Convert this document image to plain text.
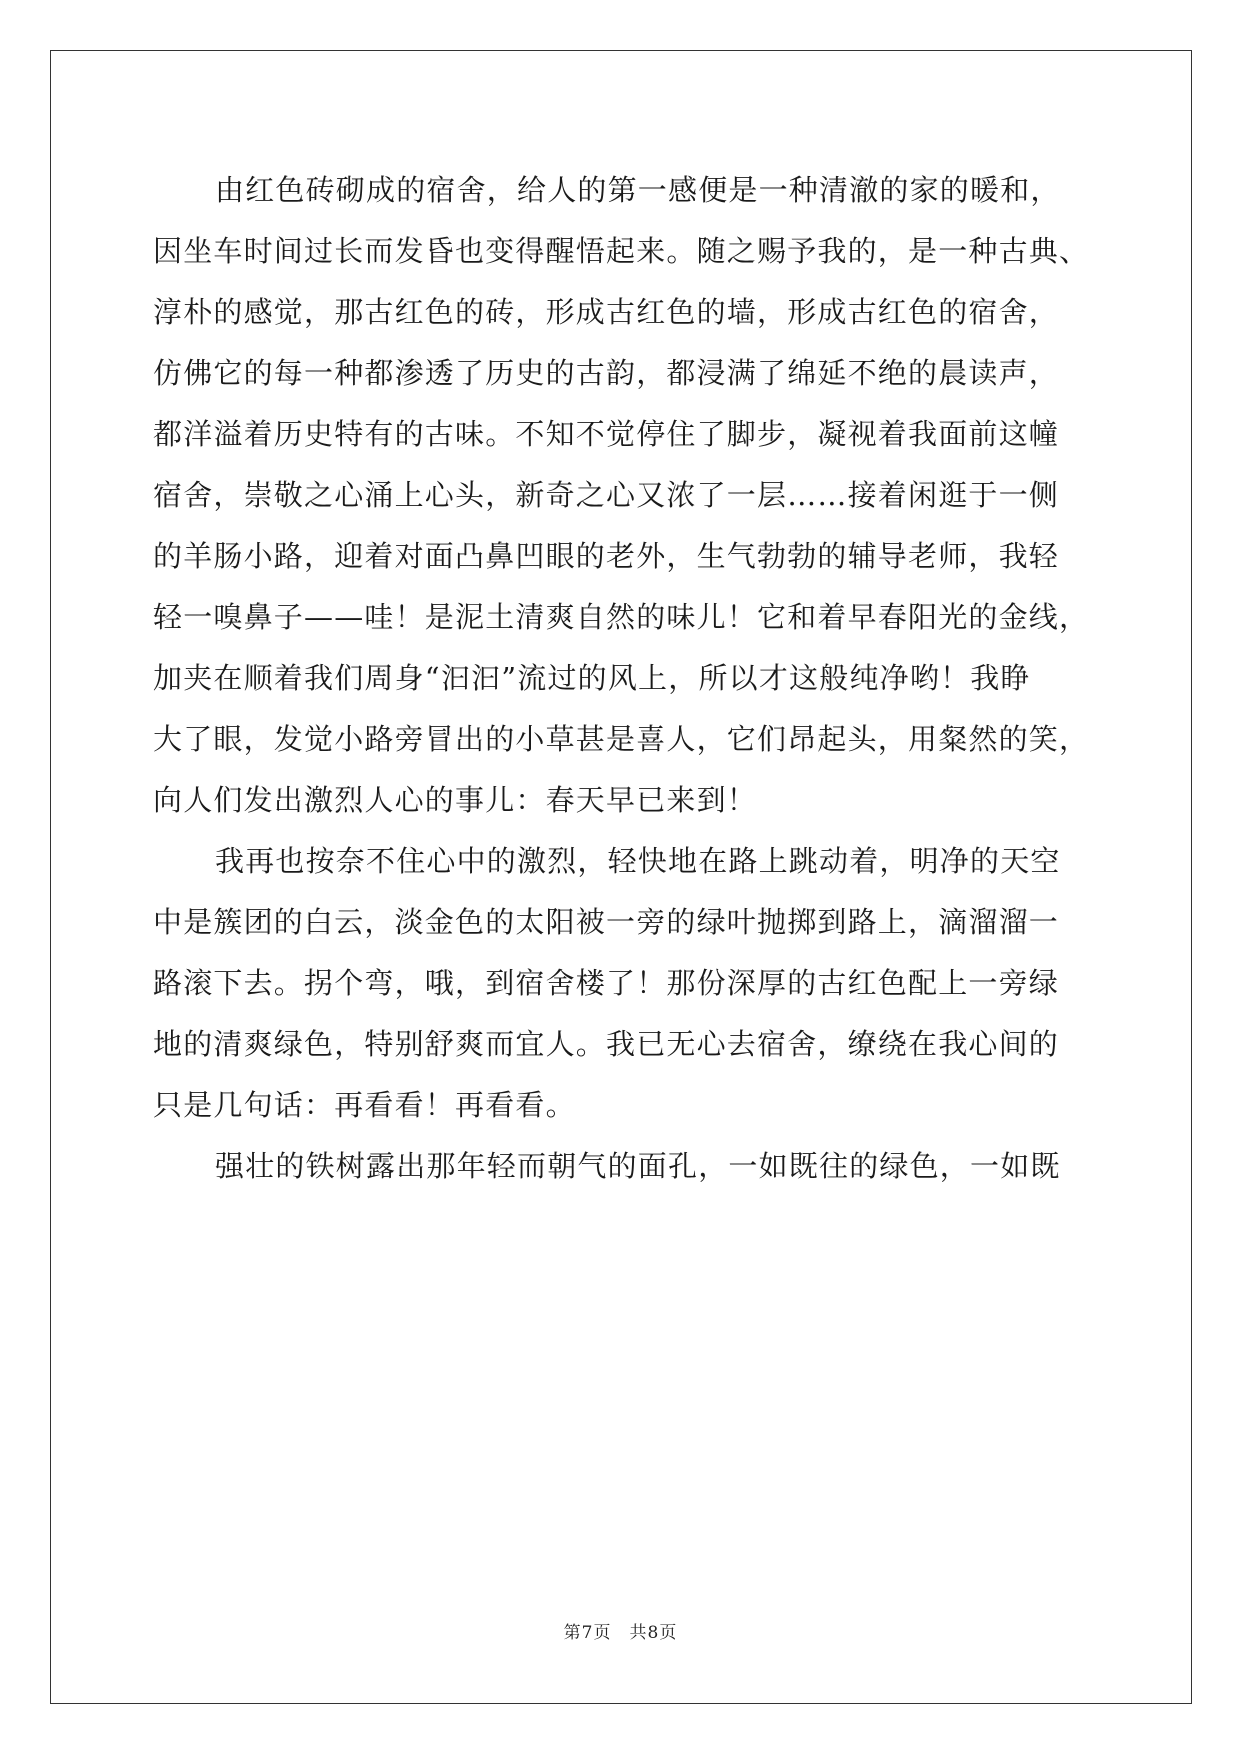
由红色砖砌成的宿舍，给人的第一感便是一种清澈的家的暖和，
因坐车时间过长而发昏也变得醒悟起来。随之赐予我的，是一种古典、
淳朴的感觉，那古红色的砖，形成古红色的墙，形成古红色的宿舍，
仿佛它的每一种都渗透了历史的古韵，都浸满了绵延不绝的晨读声，
都洋溢着历史特有的古味。不知不觉停住了脚步，凝视着我面前这幢
宿舍，崇敬之心涌上心头，新奇之心又浓了一层……接着闲逛于一侧
的羊肠小路，迎着对面凸鼻凹眼的老外，生气勃勃的辅导老师，我轻
轻一嗅鼻子——哇！是泥土清爽自然的味儿！它和着早春阳光的金线，
加夹在顺着我们周身“汩汩”流过的风上，所以才这般纯净哟！我睁
大了眼，发觉小路旁冒出的小草甚是喜人，它们昂起头，用粲然的笑，
向人们发出激烈人心的事儿：春天早已来到！
我再也按奈不住心中的激烈，轻快地在路上跳动着，明净的天空
中是簇团的白云，淡金色的太阳被一旁的绿叶抛掷到路上，滴溜溜一
路滚下去。拐个弯，哦，到宿舍楼了！那份深厚的古红色配上一旁绿
地的清爽绿色，特别舒爽而宜人。我已无心去宿舍，缭绕在我心间的
只是几句话：再看看！再看看。
强壮的铁树露出那年轻而朝气的面孔，一如既往的绿色，一如既
第7页 共8页
